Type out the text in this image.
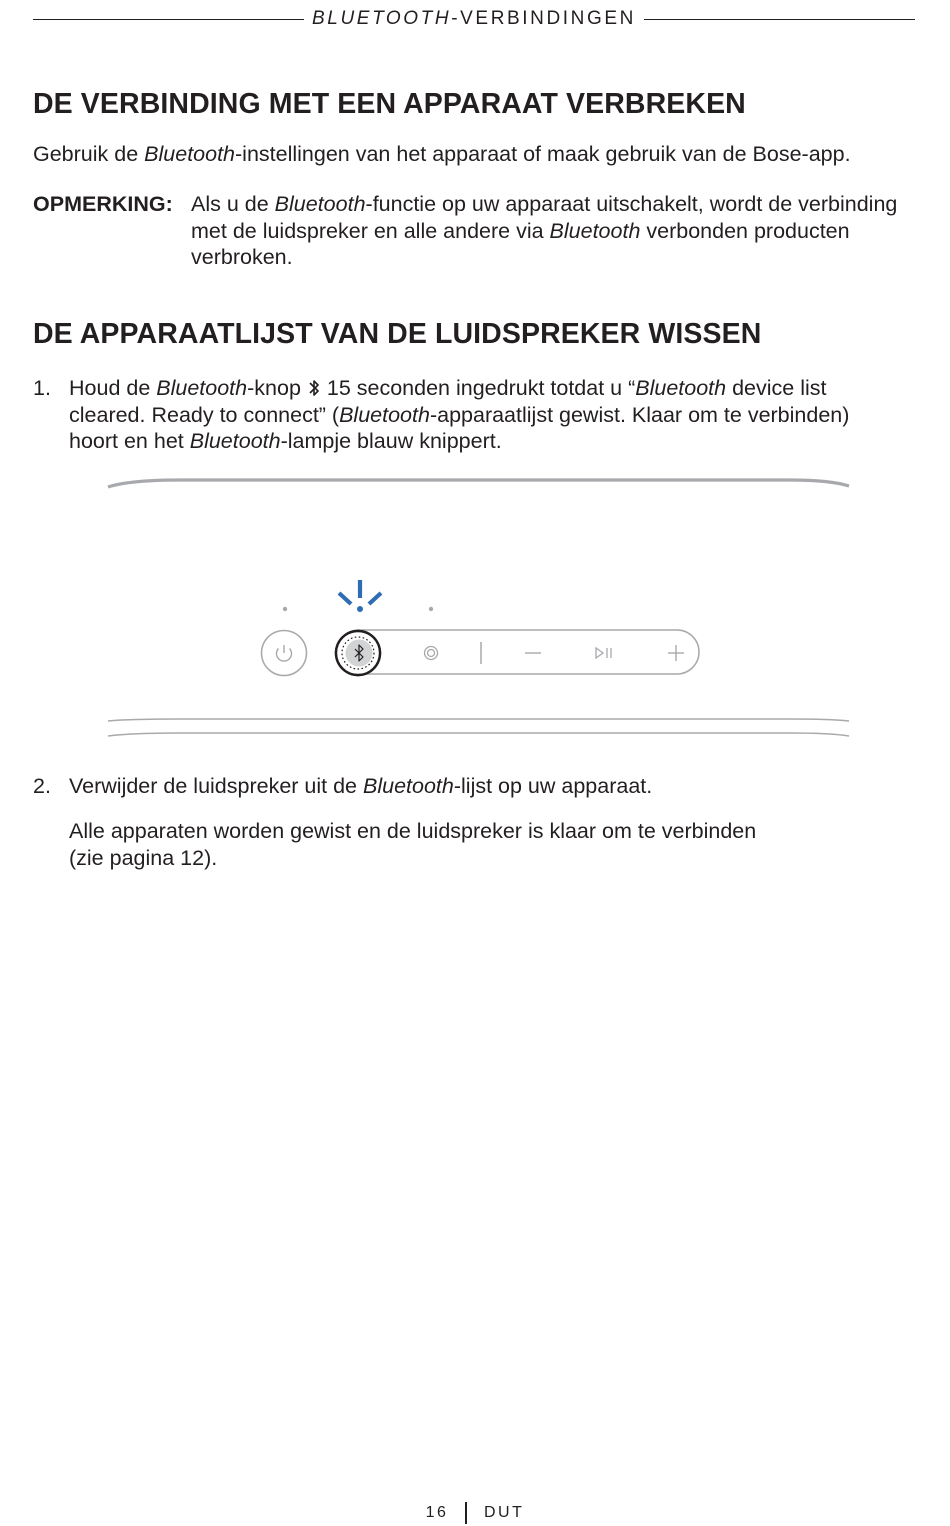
BLUETOOTH-VERBINDINGEN
DE VERBINDING MET EEN APPARAAT VERBREKEN

Gebruik de Bluetooth-instellingen van het apparaat of maak gebruik van de Bose-app.

OPMERKING: Als u de Bluetooth-functie op uw apparaat uitschakelt, wordt de verbinding met de luidspreker en alle andere via Bluetooth verbonden producten verbroken.
DE APPARAATLIJST VAN DE LUIDSPREKER WISSEN
1. Houd de Bluetooth-knop  15 seconden ingedrukt totdat u “Bluetooth device list
cleared. Ready to connect” (Bluetooth-apparaatlijst gewist. Klaar om te verbinden)
hoort en het Bluetooth-lampje blauw knippert.
2. Verwijder de luidspreker uit de Bluetooth-lijst op uw apparaat.
Alle apparaten worden gewist en de luidspreker is klaar om te verbinden
(zie pagina 12).
16 DUT
